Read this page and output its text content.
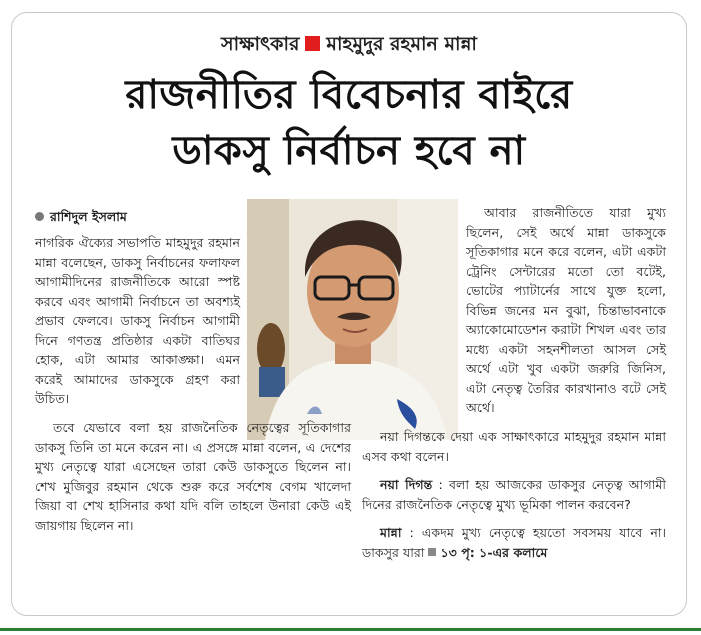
সাক্ষাৎকার মাহমুদুর রহমান মান্না
রাজনীতির বিবেচনার বাইরে
ডাকসু নির্বাচন হবে না
রাশিদুল ইসলাম

নাগরিক ঐক্যের সভাপতি মাহমুদুর রহমান মান্না বলেছেন, ডাকসু নির্বাচনের ফলাফল আগামীদিনের রাজনীতিকে আরো স্পষ্ট করবে এবং আগামী নির্বাচনে তা অবশ্যই প্রভাব ফেলবে। ডাকসু নির্বাচন আগামী দিনে গণতন্ত্র প্রতিষ্ঠার একটা বাতিঘর হোক, এটা আমার আকাঙ্ক্ষা। এমন করেই আমাদের ডাকসুকে গ্রহণ করা উচিত।

আবার রাজনীতিতে যারা মুখ্য ছিলেন, সেই অর্থে মান্না ডাকসুকে সূতিকাগার মনে করে বলেন, এটা একটা ট্রেনিং সেন্টারের মতো তো বটেই, ভোটের প্যাটার্নের সাথে যুক্ত হলো, বিভিন্ন জনের মন বুঝা, চিন্তাভাবনাকে অ্যাকোমোডেশন করাটা শিখল এবং তার মধ্যে একটা সহনশীলতা আসল সেই অর্থে এটা খুব একটা জরুরি জিনিস, এটা নেতৃত্ব তৈরির কারখানাও বটে সেই অর্থে।

তবে যেভাবে বলা হয় রাজনৈতিক নেতৃত্বের সূতিকাগার ডাকসু তিনি তা মনে করেন না। এ প্রসঙ্গে মান্না বলেন, এ দেশের মুখ্য নেতৃত্বে যারা এসেছেন তারা কেউ ডাকসুতে ছিলেন না। শেখ মুজিবুর রহমান থেকে শুরু করে সর্বশেষ বেগম খালেদা জিয়া বা শেখ হাসিনার কথা যদি বলি তাহলে উনারা কেউ এই জায়গায় ছিলেন না।

নয়া দিগন্তকে দেয়া এক সাক্ষাৎকারে মাহমুদুর রহমান মান্না এসব কথা বলেন।

নয়া দিগন্ত : বলা হয় আজকের ডাকসুর নেতৃত্ব আগামী দিনের রাজনৈতিক নেতৃত্বে মুখ্য ভূমিকা পালন করবেন?

মান্না : একদম মুখ্য নেতৃত্বে হয়তো সবসময় যাবে না। ডাকসুর যারা ১৩ পৃ: ১-এর কলামে
